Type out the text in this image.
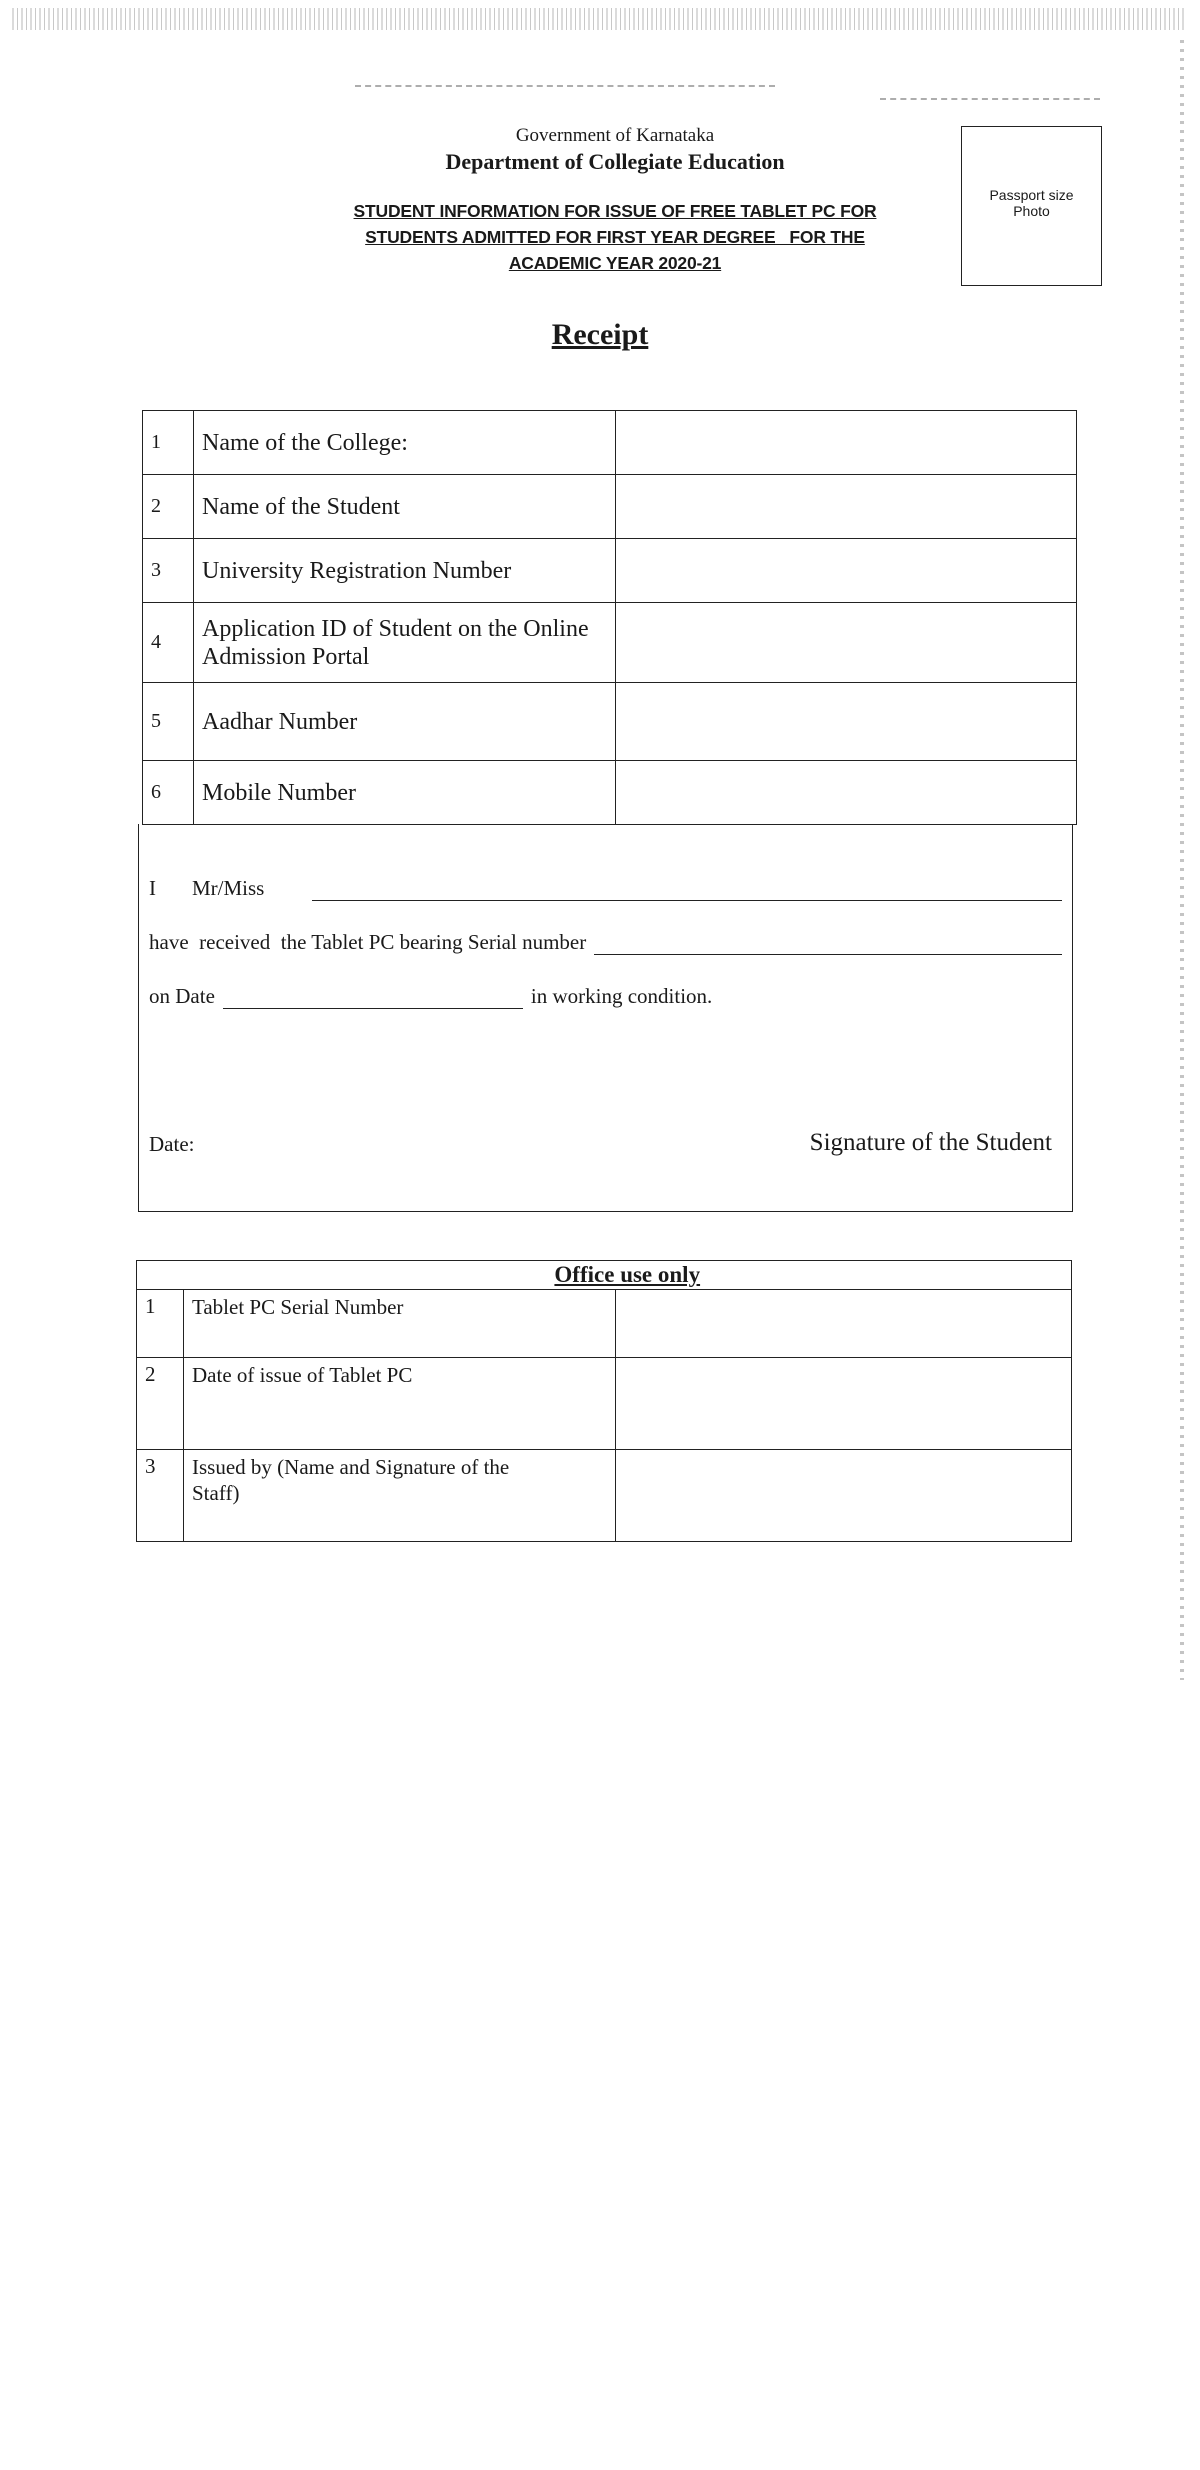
Government of Karnataka
Department of Collegiate Education
STUDENT INFORMATION FOR ISSUE OF FREE TABLET PC FOR
STUDENTS ADMITTED FOR FIRST YEAR DEGREE   FOR THE
ACADEMIC YEAR 2020-21
Passport size
Photo
Receipt
1	Name of the College:	
2	Name of the Student	
3	University Registration Number	
4	Application ID of Student on the Online Admission Portal	
5	Aadhar Number	
6	Mobile Number	
I Mr/Miss
have  received  the Tablet PC bearing Serial number
on Date	in working condition.
Date:	Signature of the Student
	Office use only	
1	Tablet PC Serial Number	
2	Date of issue of Tablet PC	
3	Issued by (Name and Signature of the Staff)	
